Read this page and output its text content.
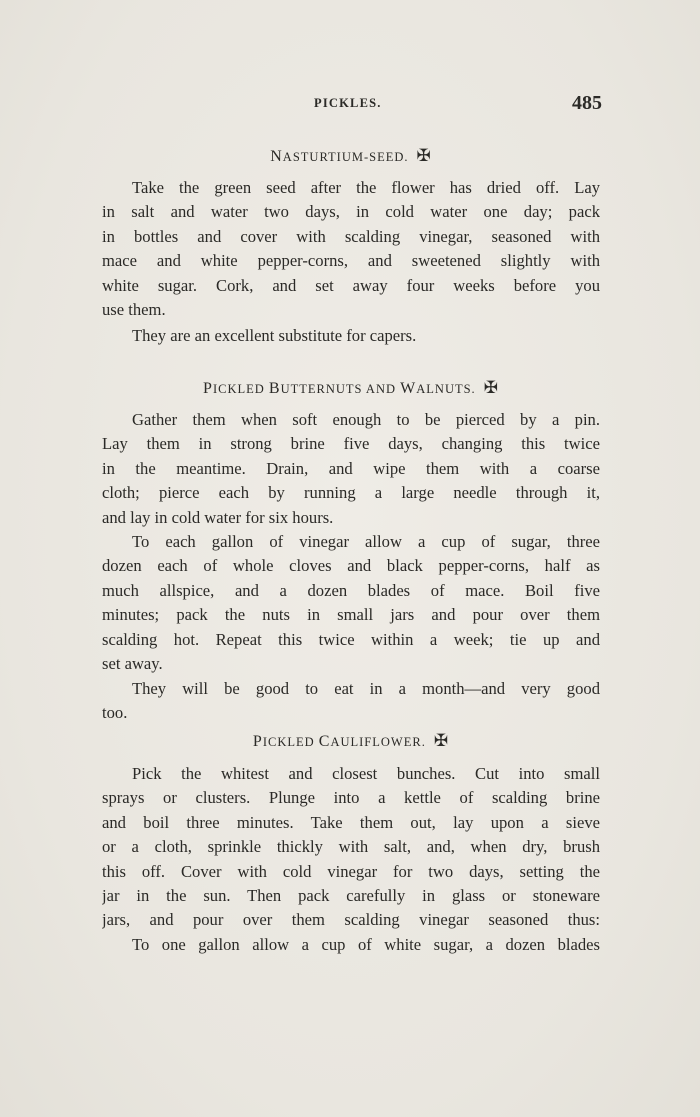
PICKLES.	485
NASTURTIUM-SEED. ✠

Take the green seed after the flower has dried off. Lay
in salt and water two days, in cold water one day; pack
in bottles and cover with scalding vinegar, seasoned with
mace and white pepper-corns, and sweetened slightly with
white sugar. Cork, and set away four weeks before you
use them.

They are an excellent substitute for capers.

PICKLED BUTTERNUTS AND WALNUTS. ✠

Gather them when soft enough to be pierced by a pin.
Lay them in strong brine five days, changing this twice
in the meantime. Drain, and wipe them with a coarse
cloth; pierce each by running a large needle through it,
and lay in cold water for six hours.

To each gallon of vinegar allow a cup of sugar, three
dozen each of whole cloves and black pepper-corns, half as
much allspice, and a dozen blades of mace. Boil five
minutes; pack the nuts in small jars and pour over them
scalding hot. Repeat this twice within a week; tie up and
set away.

They will be good to eat in a month—and very good
too.

PICKLED CAULIFLOWER. ✠

Pick the whitest and closest bunches. Cut into small
sprays or clusters. Plunge into a kettle of scalding brine
and boil three minutes. Take them out, lay upon a sieve
or a cloth, sprinkle thickly with salt, and, when dry, brush
this off. Cover with cold vinegar for two days, setting the
jar in the sun. Then pack carefully in glass or stoneware
jars, and pour over them scalding vinegar seasoned thus:

To one gallon allow a cup of white sugar, a dozen blades
